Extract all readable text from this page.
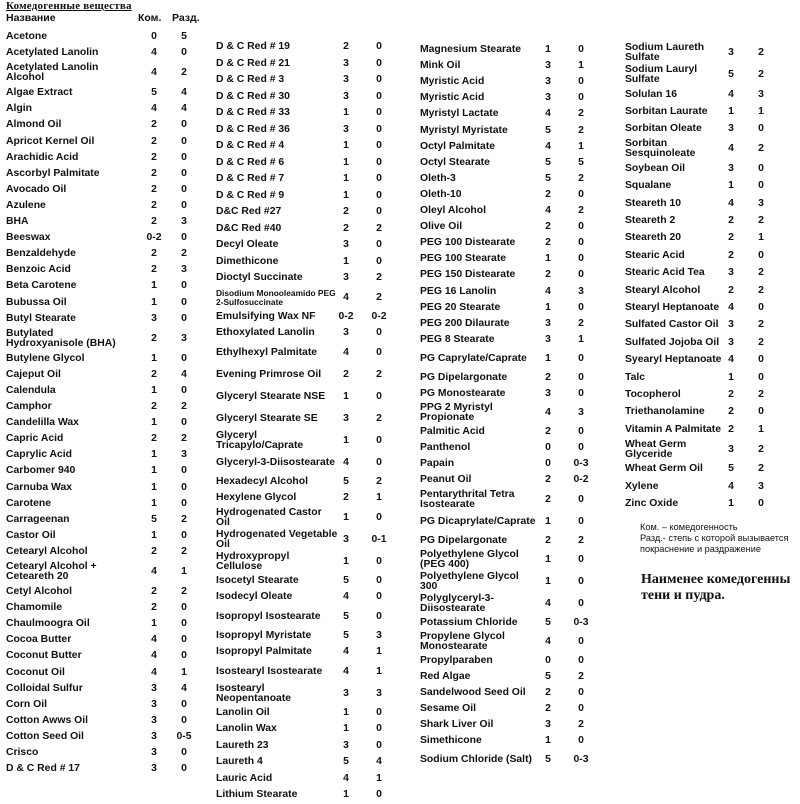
Комедогенные вещества
Название	Ком. Разд.
Acetone	0 5
Acetylated Lanolin	4 0
Acetylated Lanolin Alcohol	4 2
Algae Extract	5 4
Algin	4 4
Almond Oil	2 0
Apricot Kernel Oil	2 0
Arachidic Acid	2 0
Ascorbyl Palmitate	2 0
Avocado Oil	2 0
Azulene	2 0
BHA	2 3
Beeswax	0-2 0
Benzaldehyde	2 2
Benzoic Acid	2 3
Beta Carotene	1 0
Bubussa Oil	1 0
Butyl Stearate	3 0
Butylated Hydroxyanisole (BHA)	2 3
Butylene Glycol	1 0
Cajeput Oil	2 4
Calendula	1 0
Camphor	2 2
Candelilla Wax	1 0
Capric Acid	2 2
Caprylic Acid	1 3
Carbomer 940	1 0
Carnuba Wax	1 0
Carotene	1 0
Carrageenan	5 2
Castor Oil	1 0
Cetearyl Alcohol	2 2
Cetearyl Alcohol + Ceteareth 20	4 1
Cetyl Alcohol	2 2
Chamomile	2 0
Chaulmoogra Oil	1 0
Cocoa Butter	4 0
Coconut Butter	4 0
Coconut Oil	4 1
Colloidal Sulfur	3 4
Corn Oil	3 0
Cotton Awws Oil	3 0
Cotton Seed Oil	3 0-5
Crisco	3 0
D & C Red # 17	3 0
D & C Red # 19	2	0
D & C Red # 21	3	0
D & C Red # 3	3	0
D & C Red # 30	3	0
D & C Red # 33	1	0
D & C Red # 36	3	0
D & C Red # 4	1	0
D & C Red # 6	1	0
D & C Red # 7	1	0
D & C Red # 9	1	0
D&C Red #27	2	0
D&C Red #40	2	2
Decyl Oleate	3	0
Dimethicone	1	0
Dioctyl Succinate	3	2
Disodium Monooleamido PEG 2-Sulfosuccinate	4	2
Emulsifying Wax NF 0-2 0-2
Ethoxylated Lanolin	3	0
Ethylhexyl Palmitate	4	0
Evening Primrose Oil 2	2
Glyceryl Stearate NSE 1	0
Glyceryl Stearate SE 3	2
Glyceryl Tricapylo/Caprate	1	0
Glyceryl-3-Diisostearate 4	0
Hexadecyl Alcohol	5	2
Hexylene Glycol	2	1
Hydrogenated Castor Oil	1	0
Hydrogenated Vegetable Oil	3 0-1
Hydroxypropyl Cellulose	1	0
Isocetyl Stearate	5	0
Isodecyl Oleate	4	0
Isopropyl Isostearate 5	0
Isopropyl Myristate	5	3
Isopropyl Palmitate	4	1
Isostearyl Isostearate 4	1
Isostearyl Neopentanoate	3	3
Lanolin Oil	1	0
Lanolin Wax	1	0
Laureth 23	3	0
Laureth 4	5	4
Lauric Acid	4	1
Lithium Stearate	1	0
Magnesium Stearate 1	0
Mink Oil	3	1
Myristic Acid	3	0
Myristic Acid	3	0
Myristyl Lactate	4	2
Myristyl Myristate	5	2
Octyl Palmitate	4	1
Octyl Stearate	5	5
Oleth-3	5	2
Oleth-10	2	0
Oleyl Alcohol	4	2
Olive Oil	2	0
PEG 100 Distearate	2	0
PEG 100 Stearate	1	0
PEG 150 Distearate	2	0
PEG 16 Lanolin	4	3
PEG 20 Stearate	1	0
PEG 200 Dilaurate	3	2
PEG 8 Stearate	3	1
PG Caprylate/Caprate 1	0
PG Dipelargonate	2	0
PG Monostearate	3	0
PPG 2 Myristyl Propionate	4	3
Palmitic Acid	2	0
Panthenol	0	0
Papain	0 0-3
Peanut Oil	2 0-2
Pentarythrital Tetra Isostearate	2	0
PG Dicaprylate/Caprate 1	0
PG Dipelargonate	2	2
Polyethylene Glycol (PEG 400)	1	0
Polyethylene Glycol 300	1	0
Polyglyceryl-3-Diisostearate	4	0
Potassium Chloride	5 0-3
Propylene Glycol Monostearate	4	0
Propylparaben	0	0
Red Algae	5	2
Sandelwood Seed Oil 2	0
Sesame Oil	2	0
Shark Liver Oil	3	2
Simethicone	1	0
Sodium Chloride (Salt) 5 0-3
Sodium Laureth Sulfate	3 2
Sodium Lauryl Sulfate	5 2
Solulan 16	4 3
Sorbitan Laurate 1 1
Sorbitan Oleate	3 0
Sorbitan Sesquinoleate	4 2
Soybean Oil	3 0
Squalane	1 0
Steareth 10	4 3
Steareth 2	2 2
Steareth 20	2 1
Stearic Acid	2 0
Stearic Acid Tea 3 2
Stearyl Alcohol	2 2
Stearyl Heptanoate 4 0
Sulfated Castor Oil 3 2
Sulfated Jojoba Oil 3 2
Syearyl Heptanoate 4 0
Talc	1 0
Tocopherol	2 2
Triethanolamine 2 0
Vitamin A Palmitate 2 1
Wheat Germ Glyceride	3 2
Wheat Germ Oil 5 2
Xylene	4 3
Zinc Oxide	1 0
Ком. – комедогенность
Разд.- степь с которой вызывается покраснение и раздражение
Наименее комедогенны тени и пудра.
